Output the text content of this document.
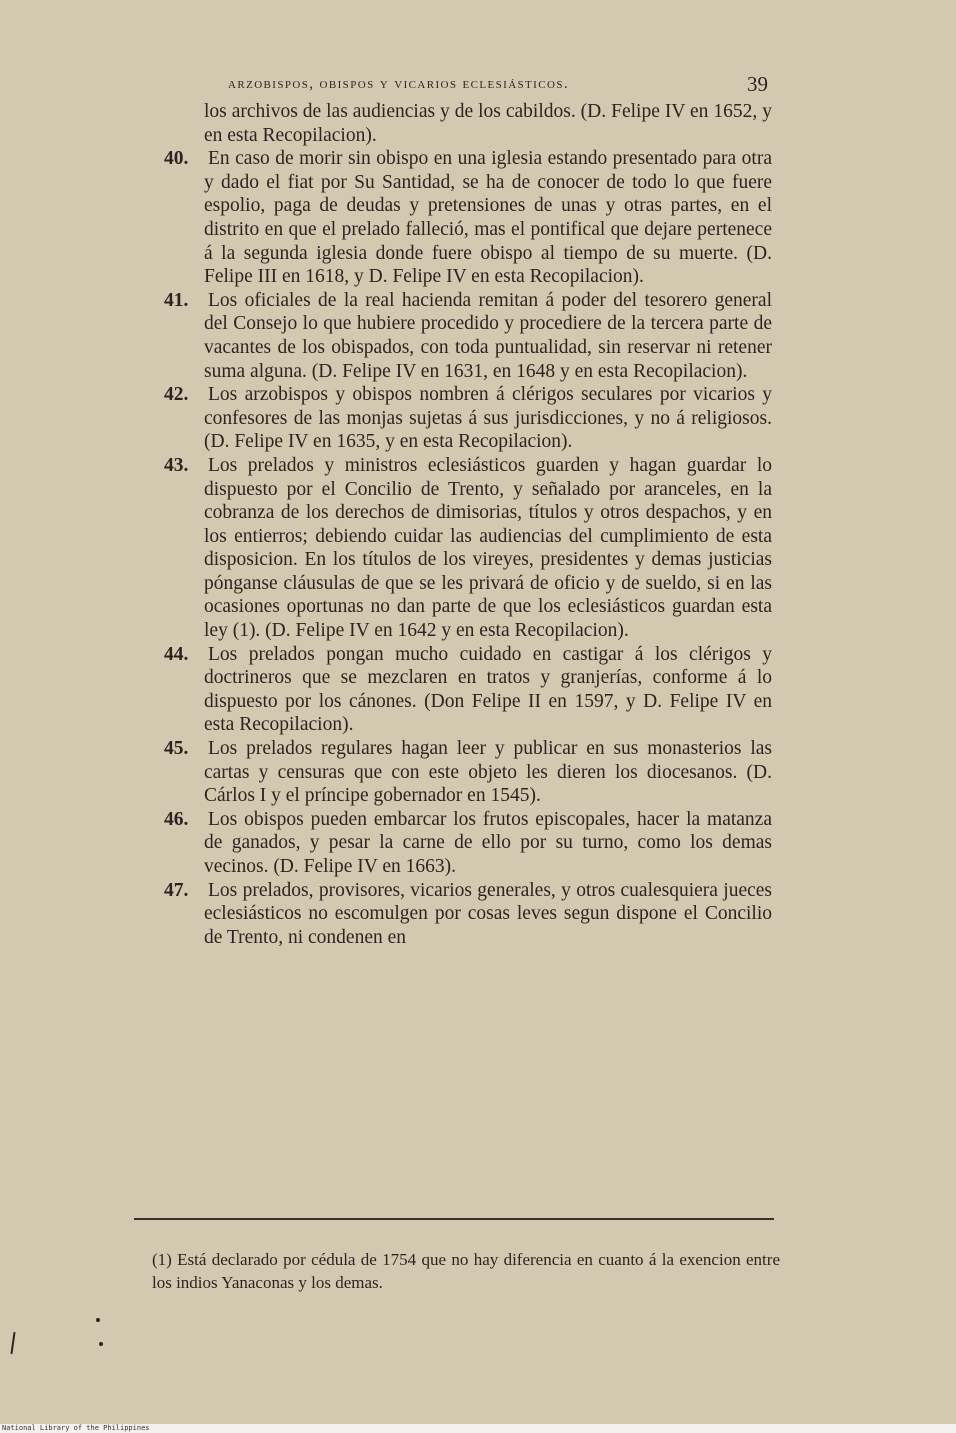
arzobispos, obispos y vicarios eclesiásticos.	39

los archivos de las audiencias y de los cabildos. (D. Felipe IV en 1652, y en esta Recopilacion).

40. En caso de morir sin obispo en una iglesia estando presentado para otra y dado el fiat por Su Santidad, se ha de conocer de todo lo que fuere espolio, paga de deudas y pretensiones de unas y otras partes, en el distrito en que el prelado falleció, mas el pontifical que dejare pertenece á la segunda iglesia donde fuere obispo al tiempo de su muerte. (D. Felipe III en 1618, y D. Felipe IV en esta Recopilacion).

41. Los oficiales de la real hacienda remitan á poder del tesorero general del Consejo lo que hubiere procedido y procediere de la tercera parte de vacantes de los obispados, con toda puntualidad, sin reservar ni retener suma alguna. (D. Felipe IV en 1631, en 1648 y en esta Recopilacion).

42. Los arzobispos y obispos nombren á clérigos seculares por vicarios y confesores de las monjas sujetas á sus jurisdicciones, y no á religiosos. (D. Felipe IV en 1635, y en esta Recopilacion).

43. Los prelados y ministros eclesiásticos guarden y hagan guardar lo dispuesto por el Concilio de Trento, y señalado por aranceles, en la cobranza de los derechos de dimisorias, títulos y otros despachos, y en los entierros; debiendo cuidar las audiencias del cumplimiento de esta disposicion. En los títulos de los vireyes, presidentes y demas justicias pónganse cláusulas de que se les privará de oficio y de sueldo, si en las ocasiones oportunas no dan parte de que los eclesiásticos guardan esta ley (1). (D. Felipe IV en 1642 y en esta Recopilacion).

44. Los prelados pongan mucho cuidado en castigar á los clérigos y doctrineros que se mezclaren en tratos y granjerías, conforme á lo dispuesto por los cánones. (Don Felipe II en 1597, y D. Felipe IV en esta Recopilacion).

45. Los prelados regulares hagan leer y publicar en sus monasterios las cartas y censuras que con este objeto les dieren los diocesanos. (D. Cárlos I y el príncipe gobernador en 1545).

46. Los obispos pueden embarcar los frutos episcopales, hacer la matanza de ganados, y pesar la carne de ello por su turno, como los demas vecinos. (D. Felipe IV en 1663).

47. Los prelados, provisores, vicarios generales, y otros cualesquiera jueces eclesiásticos no escomulgen por cosas leves segun dispone el Concilio de Trento, ni condenen en

(1) Está declarado por cédula de 1754 que no hay diferencia en cuanto á la exencion entre los indios Yanaconas y los demas.
National Library of the Philippines
